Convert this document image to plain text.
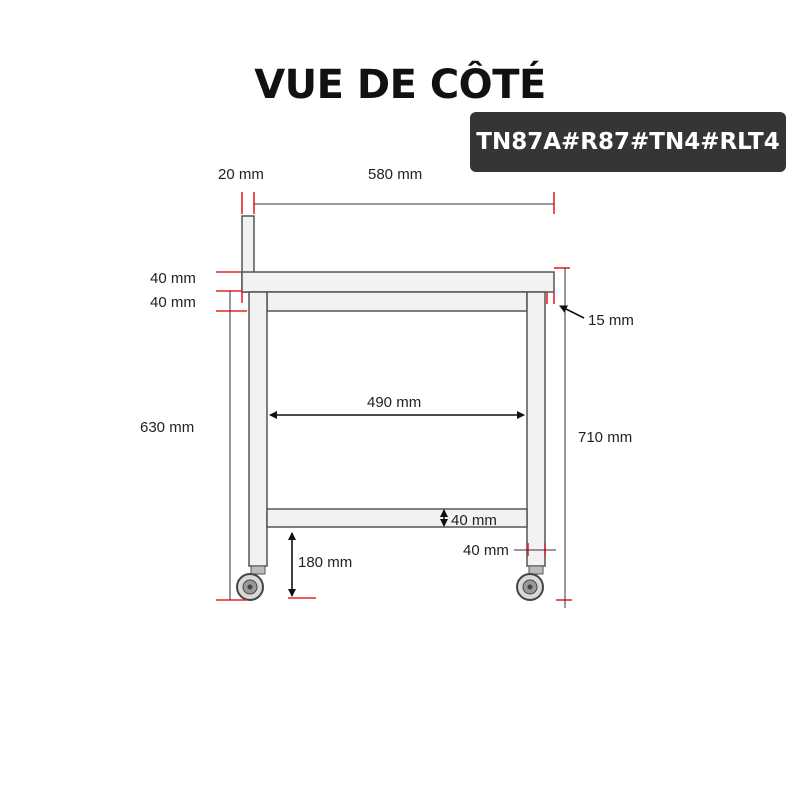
VUE DE CÔTÉ
TN87A#R87#TN4#RLT4
20 mm	580 mm
40 mm
40 mm
15 mm
490 mm
630 mm
710 mm
40 mm
40 mm
180 mm
